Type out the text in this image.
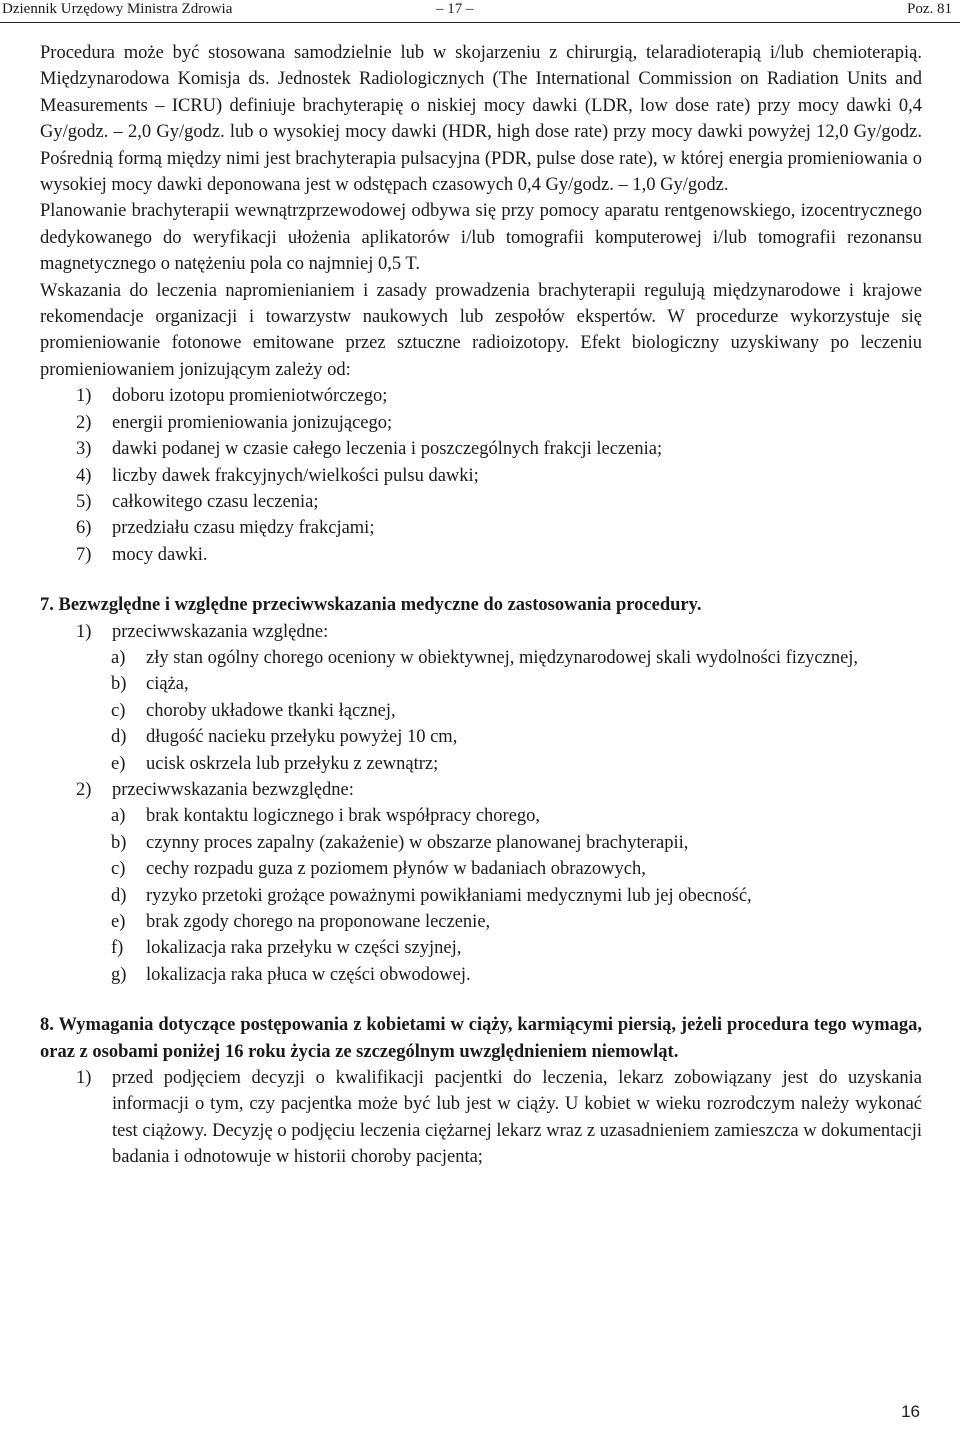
Dziennik Urzędowy Ministra Zdrowia	– 17 –	Poz. 81

Procedura może być stosowana samodzielnie lub w skojarzeniu z chirurgią, telaradioterapią i/lub chemioterapią. Międzynarodowa Komisja ds. Jednostek Radiologicznych (The International Commission on Radiation Units and Measurements – ICRU) definiuje brachyterapię o niskiej mocy dawki (LDR, low dose rate) przy mocy dawki 0,4 Gy/godz. – 2,0 Gy/godz. lub o wysokiej mocy dawki (HDR, high dose rate) przy mocy dawki powyżej 12,0 Gy/godz. Pośrednią formą między nimi jest brachyterapia pulsacyjna (PDR, pulse dose rate), w której energia promieniowania o wysokiej mocy dawki deponowana jest w odstępach czasowych 0,4 Gy/godz. – 1,0 Gy/godz.

Planowanie brachyterapii wewnątrzprzewodowej odbywa się przy pomocy aparatu rentgenowskiego, izocentrycznego dedykowanego do weryfikacji ułożenia aplikatorów i/lub tomografii komputerowej i/lub tomografii rezonansu magnetycznego o natężeniu pola co najmniej 0,5 T.

Wskazania do leczenia napromienianiem i zasady prowadzenia brachyterapii regulują międzynarodowe i krajowe rekomendacje organizacji i towarzystw naukowych lub zespołów ekspertów. W procedurze wykorzystuje się promieniowanie fotonowe emitowane przez sztuczne radioizotopy. Efekt biologiczny uzyskiwany po leczeniu promieniowaniem jonizującym zależy od:

1)	doboru izotopu promieniotwórczego;
2)	energii promieniowania jonizującego;
3)	dawki podanej w czasie całego leczenia i poszczególnych frakcji leczenia;
4)	liczby dawek frakcyjnych/wielkości pulsu dawki;
5)	całkowitego czasu leczenia;
6)	przedziału czasu między frakcjami;
7)	mocy dawki.

7. Bezwzględne i względne przeciwwskazania medyczne do zastosowania procedury.

1)	przeciwwskazania względne:
a)	zły stan ogólny chorego oceniony w obiektywnej, międzynarodowej skali wydolności fizycznej,
b)	ciąża,
c)	choroby układowe tkanki łącznej,
d)	długość nacieku przełyku powyżej 10 cm,
e)	ucisk oskrzela lub przełyku z zewnątrz;
2)	przeciwwskazania bezwzględne:
a)	brak kontaktu logicznego i brak współpracy chorego,
b)	czynny proces zapalny (zakażenie) w obszarze planowanej brachyterapii,
c)	cechy rozpadu guza z poziomem płynów w badaniach obrazowych,
d)	ryzyko przetoki grożące poważnymi powikłaniami medycznymi lub jej obecność,
e)	brak zgody chorego na proponowane leczenie,
f)	lokalizacja raka przełyku w części szyjnej,
g)	lokalizacja raka płuca w części obwodowej.

8. Wymagania dotyczące postępowania z kobietami w ciąży, karmiącymi piersią, jeżeli procedura tego wymaga, oraz z osobami poniżej 16 roku życia ze szczególnym uwzględnieniem niemowląt.

1)	przed podjęciem decyzji o kwalifikacji pacjentki do leczenia, lekarz zobowiązany jest do uzyskania informacji o tym, czy pacjentka może być lub jest w ciąży. U kobiet w wieku rozrodczym należy wykonać test ciążowy. Decyzję o podjęciu leczenia ciężarnej lekarz wraz z uzasadnieniem zamieszcza w dokumentacji badania i odnotowuje w historii choroby pacjenta;
16
